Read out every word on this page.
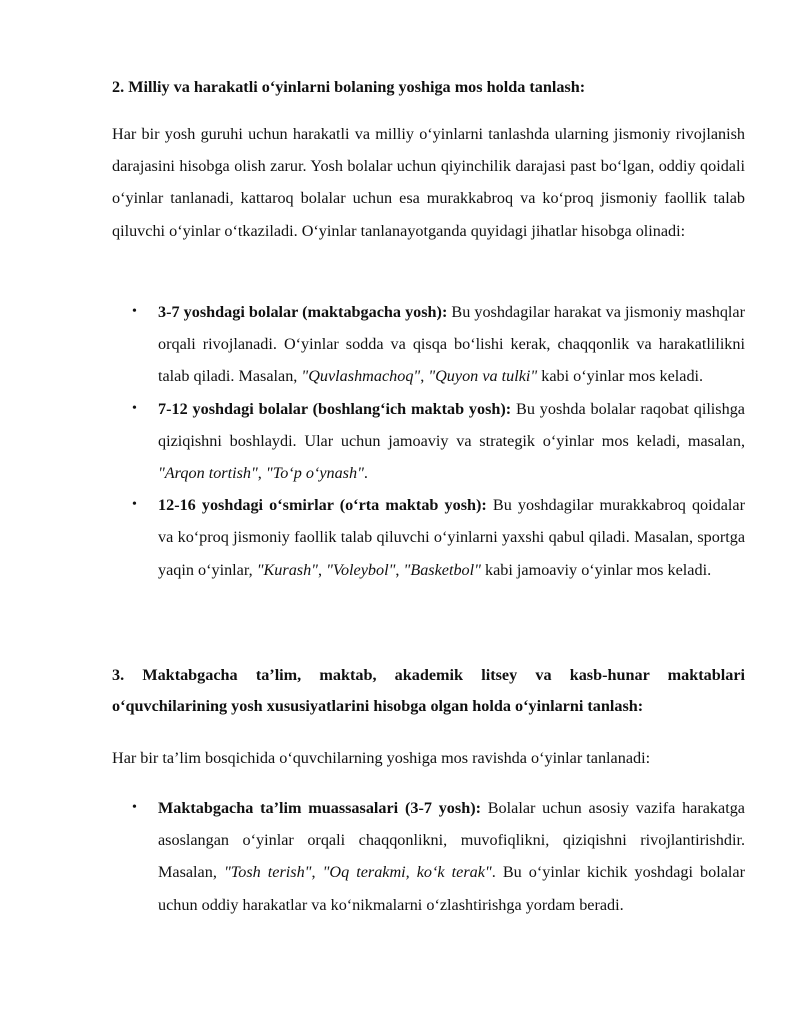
2. Milliy va harakatli o‘yinlarni bolaning yoshiga mos holda tanlash:

Har bir yosh guruhi uchun harakatli va milliy o‘yinlarni tanlashda ularning jismoniy rivojlanish darajasini hisobga olish zarur. Yosh bolalar uchun qiyinchilik darajasi past bo‘lgan, oddiy qoidali o‘yinlar tanlanadi, kattaroq bolalar uchun esa murakkabroq va ko‘proq jismoniy faollik talab qiluvchi o‘yinlar o‘tkaziladi. O‘yinlar tanlanayotganda quyidagi jihatlar hisobga olinadi:

• 3-7 yoshdagi bolalar (maktabgacha yosh): Bu yoshdagilar harakat va jismoniy mashqlar orqali rivojlanadi. O‘yinlar sodda va qisqa bo‘lishi kerak, chaqqonlik va harakatlilikni talab qiladi. Masalan, "Quvlashmachoq", "Quyon va tulki" kabi o‘yinlar mos keladi.
• 7-12 yoshdagi bolalar (boshlang‘ich maktab yosh): Bu yoshda bolalar raqobat qilishga qiziqishni boshlaydi. Ular uchun jamoaviy va strategik o‘yinlar mos keladi, masalan, "Arqon tortish", "To‘p o‘ynash".
• 12-16 yoshdagi o‘smirlar (o‘rta maktab yosh): Bu yoshdagilar murakkabroq qoidalar va ko‘proq jismoniy faollik talab qiluvchi o‘yinlarni yaxshi qabul qiladi. Masalan, sportga yaqin o‘yinlar, "Kurash", "Voleybol", "Basketbol" kabi jamoaviy o‘yinlar mos keladi.
3. Maktabgacha ta’lim, maktab, akademik litsey va kasb-hunar maktablari o‘quvchilarining yosh xususiyatlarini hisobga olgan holda o‘yinlarni tanlash:

Har bir ta’lim bosqichida o‘quvchilarning yoshiga mos ravishda o‘yinlar tanlanadi:

• Maktabgacha ta’lim muassasalari (3-7 yosh): Bolalar uchun asosiy vazifa harakatga asoslangan o‘yinlar orqali chaqqonlikni, muvofiqlikni, qiziqishni rivojlantirishdir. Masalan, "Tosh terish", "Oq terakmi, ko‘k terak". Bu o‘yinlar kichik yoshdagi bolalar uchun oddiy harakatlar va ko‘nikmalarni o‘zlashtirishga yordam beradi.
